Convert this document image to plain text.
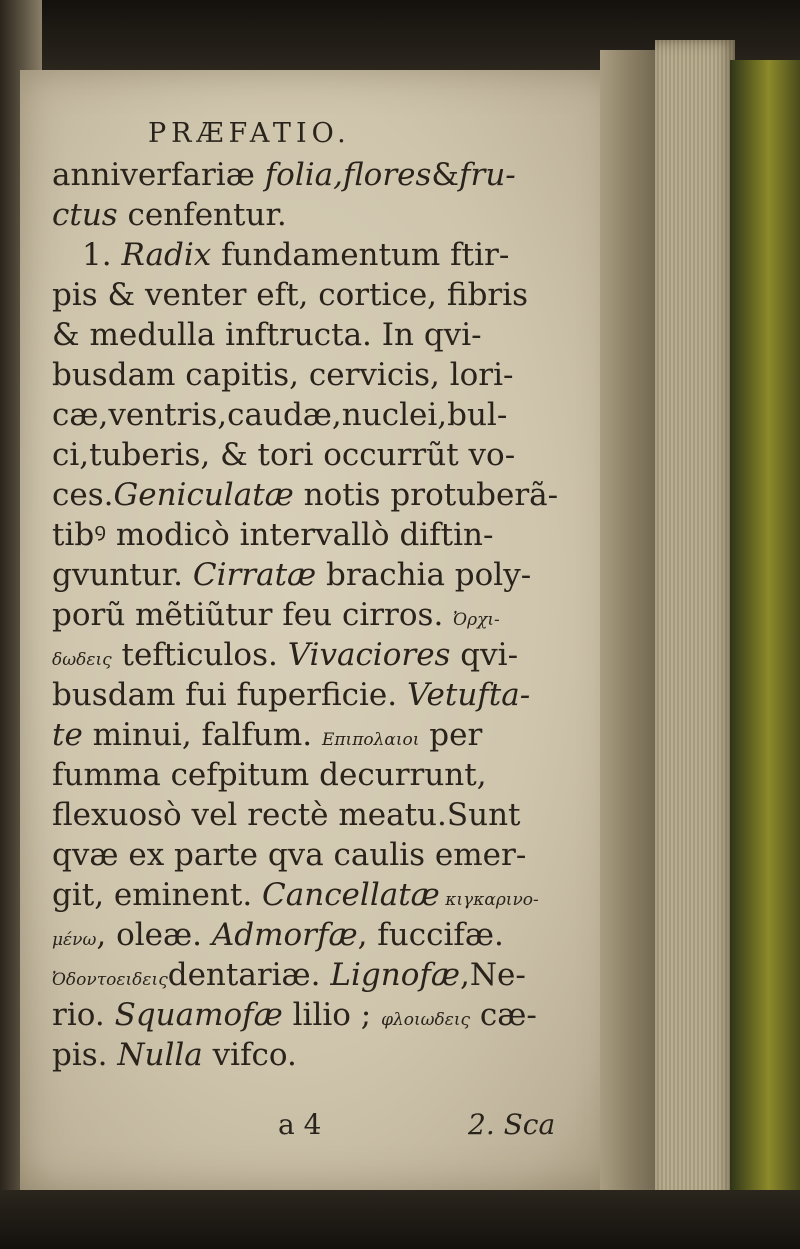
PRÆFATIO.
anniverfariæ folia,flores&fru-
ctus cenfentur.
1. Radix fundamentum ftir-
pis & venter eft, cortice, fibris
& medulla inftructa. In qvi-
busdam capitis, cervicis, lori-
cæ,ventris,caudæ,nuclei,bul-
ci,tuberis, & tori occurrũt vo-
ces.Geniculatæ notis protuberã-
tibꝰ modicò intervallò diftin-
gvuntur. Cirratæ brachia poly-
porũ mẽtiũtur feu cirros. Ὀρχι-
δωδεις tefticulos. Vivaciores qvi-
busdam fui fuperficie. Vetufta-
te minui, falfum. Επιπολαιοι per
fumma cefpitum decurrunt,
flexuosò vel rectè meatu.Sunt
qvæ ex parte qva caulis emer-
git, eminent. Cancellatæ κιγκαρινο-
μένω, oleæ. Admorfæ, fuccifæ.
Ὀδοντοειδειςdentariæ. Lignofæ,Ne-
rio. Squamofæ lilio ; φλοιωδεις cæ-
pis. Nulla vifco.
a 4	2. Sca
